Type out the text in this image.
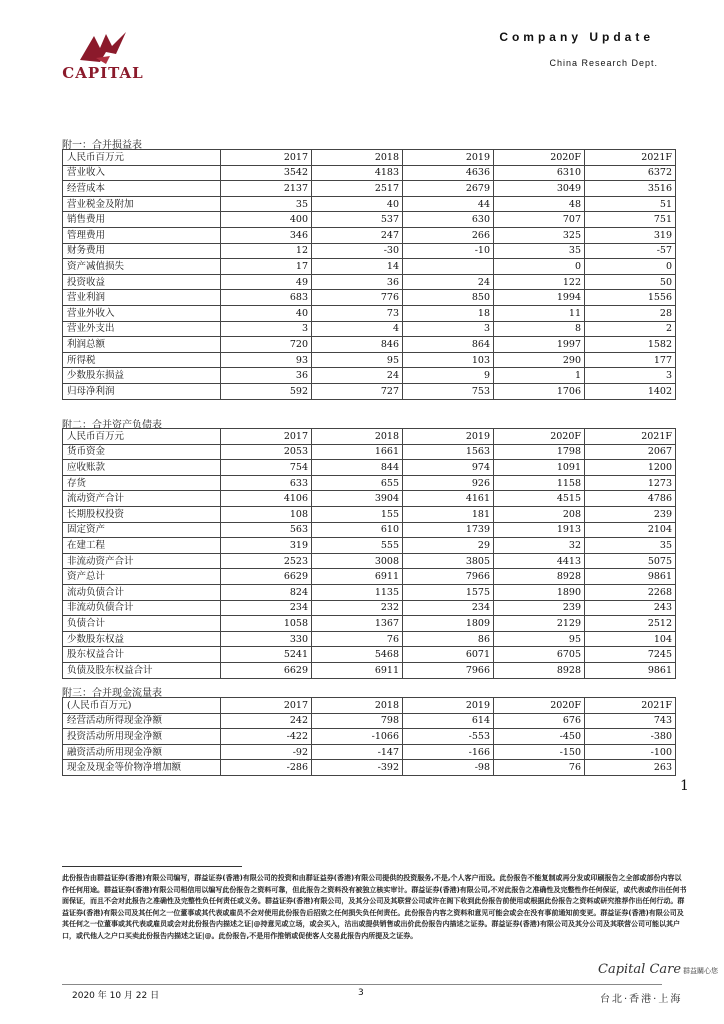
CAPITAL
Company Update
China Research Dept.
附一：合并损益表
人民币百万元	2017	2018	2019	2020F	2021F
营业收入	3542	4183	4636	6310	6372
经营成本	2137	2517	2679	3049	3516
营业税金及附加	35	40	44	48	51
销售费用	400	537	630	707	751
管理费用	346	247	266	325	319
财务费用	12	-30	-10	35	-57
资产减值损失	17	14		0	0
投资收益	49	36	24	122	50
营业利润	683	776	850	1994	1556
营业外收入	40	73	18	11	28
营业外支出	3	4	3	8	2
利润总额	720	846	864	1997	1582
所得税	93	95	103	290	177
少数股东损益	36	24	9	1	3
归母净利润	592	727	753	1706	1402
附二：合并资产负债表
人民币百万元	2017	2018	2019	2020F	2021F
货币资金	2053	1661	1563	1798	2067
应收账款	754	844	974	1091	1200
存货	633	655	926	1158	1273
流动资产合计	4106	3904	4161	4515	4786
长期股权投资	108	155	181	208	239
固定资产	563	610	1739	1913	2104
在建工程	319	555	29	32	35
非流动资产合计	2523	3008	3805	4413	5075
资产总计	6629	6911	7966	8928	9861
流动负债合计	824	1135	1575	1890	2268
非流动负债合计	234	232	234	239	243
负债合计	1058	1367	1809	2129	2512
少数股东权益	330	76	86	95	104
股东权益合计	5241	5468	6071	6705	7245
负债及股东权益合计	6629	6911	7966	8928	9861
附三：合并现金流量表
(人民币百万元)	2017	2018	2019	2020F	2021F
经营活动所得现金净额	242	798	614	676	743
投资活动所用现金净额	-422	-1066	-553	-450	-380
融资活动所用现金净额	-92	-147	-166	-150	-100
现金及现金等价物净增加额	-286	-392	-98	76	263
1
此份报告由群益证券(香港)有限公司编写，群益证券(香港)有限公司的投资和由群证益券(香港)有限公司提供的投资服务,不是,个人客户而设。此份报告不能复制或再分发或印刷报告之全部或部份内容以作任何用途。群益证券(香港)有限公司相信用以编写此份报告之资料可靠，但此报告之资料没有被独立核实审计。群益证券(香港)有限公司,不对此报告之准确性及完整性作任何保证，或代表或作出任何书面保证，而且不会对此报告之准确性及完整性负任何责任或义务。群益证券(香港)有限公司，及其分公司及其联营公司或许在阁下收到此份报告前使用或根据此份报告之资料或研究推荐作出任何行动。群益证券(香港)有限公司及其任何之一位董事或其代表或雇员不会对使用此份报告后招致之任何损失负任何责任。此份报告内容之资料和意见可能会或会在没有事前通知前变更。群益证券(香港)有限公司及其任何之一位董事或其代表或雇员或会对此份报告内描述之证|@持意见或立场，或会买入，沽出或提供销售或出价此份报告内描述之证券。群益证券(香港)有限公司及其分公司及其联营公司可能以其户口，或代他人之户口买卖此份报告内描述之证|@。此份报告,不是用作推销或促使客人交易此报告内所提及之证券。
Capital Care 群益關心您
台北·香港·上海
2020 年 10 月 22 日	3
